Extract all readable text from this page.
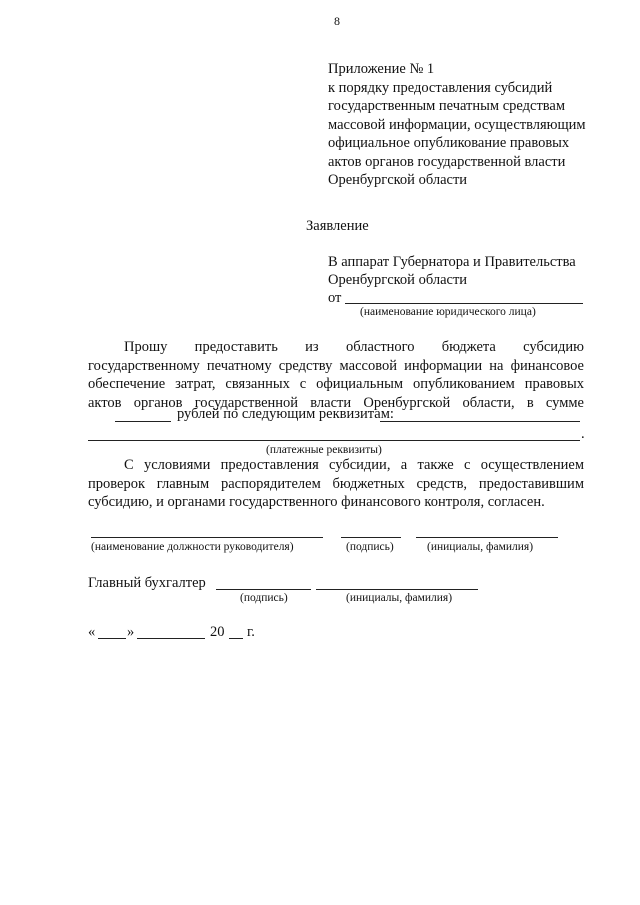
8
Приложение № 1
к порядку предоставления субсидий
государственным печатным средствам
массовой информации, осуществляющим
официальное опубликование правовых
актов органов государственной власти
Оренбургской области
Заявление
В аппарат Губернатора и Правительства
Оренбургской области
от
(наименование юридического лица)
Прошу предоставить из областного бюджета субсидию
государственному печатному средству массовой информации на финансовое
обеспечение затрат, связанных с официальным опубликованием правовых
актов органов государственной власти Оренбургской области, в сумме
рублей по следующим реквизитам:
.
(платежные реквизиты)
С условиями предоставления субсидии, а также с осуществлением
проверок главным распорядителем бюджетных средств, предоставившим
субсидию, и органами государственного финансового контроля, согласен.
(наименование должности руководителя)	(подпись)	(инициалы, фамилия)
Главный бухгалтер
(подпись)	(инициалы, фамилия)
« »	20 г.
